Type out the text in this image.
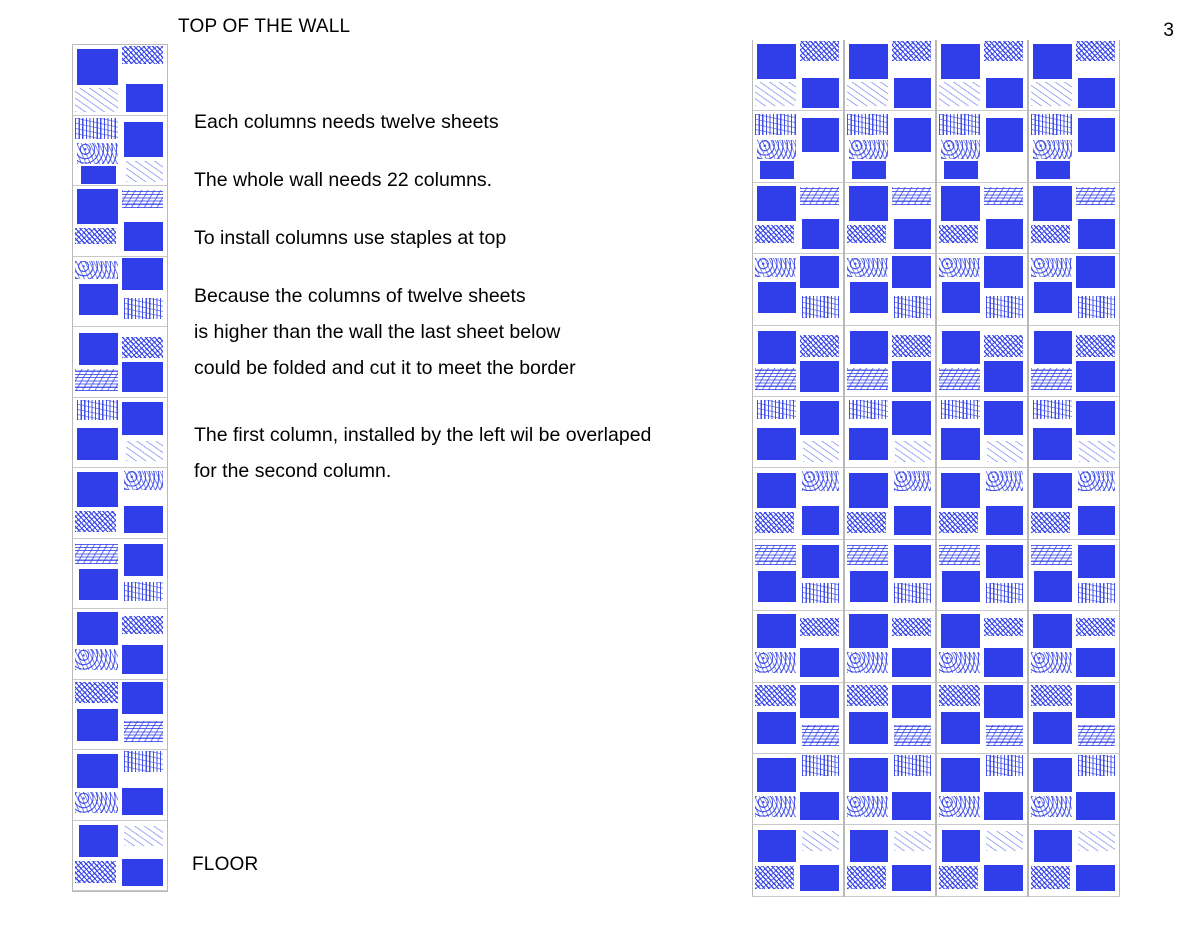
TOP OF THE WALL	3

Each columns needs twelve sheets

The whole wall needs 22 columns.

To install columns use staples at top

Because the columns of twelve sheets
is higher than the wall the last sheet below
could be folded and cut it to meet the border

The first column, installed by the left wil be overlaped
for the second column.

FLOOR
